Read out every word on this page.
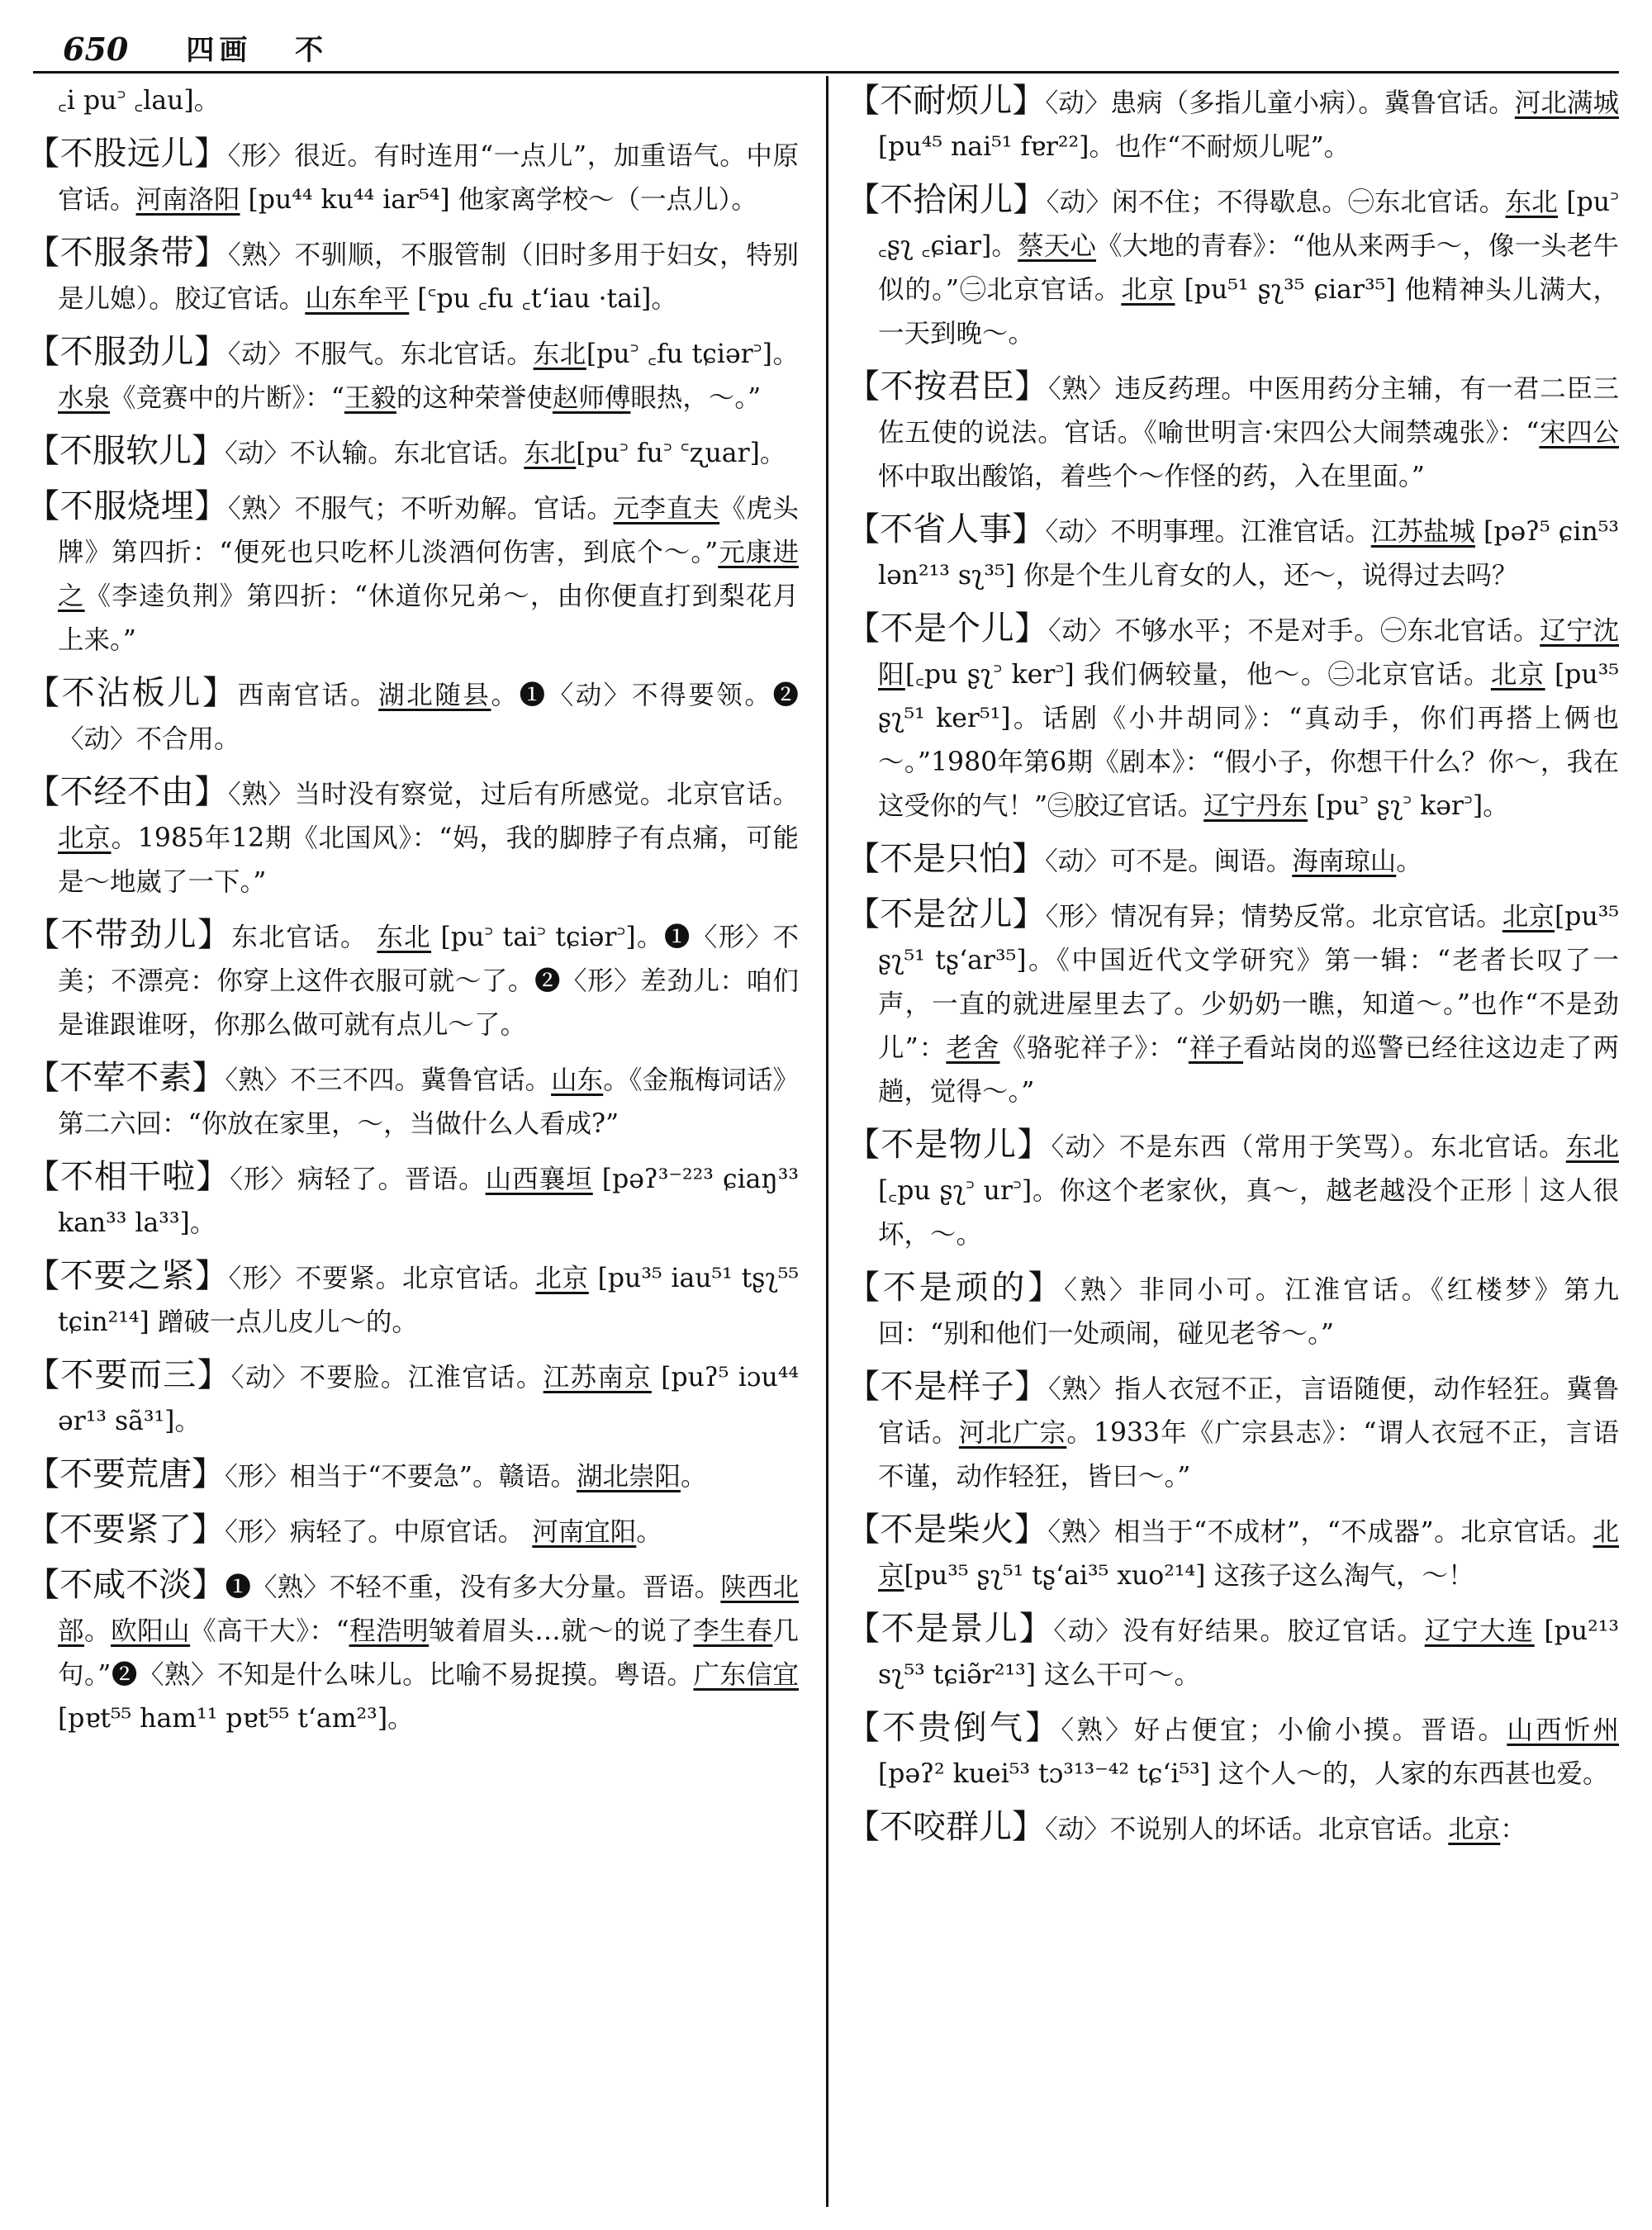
650 四画 不
꜀i pu꜄ ꜀lau]。
【不股远儿】〈形〉很近。有时连用“一点儿”，加重语气。中原官话。河南洛阳 [pu⁴⁴ ku⁴⁴ iar⁵⁴] 他家离学校～（一点儿）。
【不服条带】〈熟〉不驯顺，不服管制（旧时多用于妇女，特别是儿媳）。胶辽官话。山东牟平 [꜂pu ꜀fu ꜀tʻiau ·tai]。
【不服劲儿】〈动〉不服气。东北官话。东北[pu꜄ ꜀fu tɕiər꜄]。水泉《竞赛中的片断》：“王毅的这种荣誉使赵师傅眼热，～。”
【不服软儿】〈动〉不认输。东北官话。东北[pu꜄ fu꜄ ꜂ʐuar]。
【不服烧埋】〈熟〉不服气；不听劝解。官话。元李直夫《虎头牌》第四折：“便死也只吃杯儿淡酒何伤害，到底个～。”元康进之《李逵负荆》第四折：“休道你兄弟～，由你便直打到梨花月上来。”
【不沾板儿】西南官话。湖北随县。❶〈动〉不得要领。❷〈动〉不合用。
【不经不由】〈熟〉当时没有察觉，过后有所感觉。北京官话。北京。1985年12期《北国风》：“妈，我的脚脖子有点痛，可能是～地崴了一下。”
【不带劲儿】东北官话。 东北 [pu꜄ tai꜄ tɕiər꜄]。❶〈形〉不美；不漂亮：你穿上这件衣服可就～了。❷〈形〉差劲儿：咱们是谁跟谁呀，你那么做可就有点儿～了。
【不荤不素】〈熟〉不三不四。冀鲁官话。山东。《金瓶梅词话》第二六回：“你放在家里，～，当做什么人看成?”
【不相干啦】〈形〉病轻了。晋语。山西襄垣 [pəʔ³⁻²²³ ɕiaŋ³³ kan³³ la³³]。
【不要之紧】〈形〉不要紧。北京官话。北京 [pu³⁵ iau⁵¹ tʂʅ⁵⁵ tɕin²¹⁴] 蹭破一点儿皮儿～的。
【不要而三】〈动〉不要脸。江淮官话。江苏南京 [puʔ⁵ iɔu⁴⁴ ər¹³ sã³¹]。
【不要荒唐】〈形〉相当于“不要急”。赣语。湖北崇阳。
【不要紧了】〈形〉病轻了。中原官话。 河南宜阳。
【不咸不淡】❶〈熟〉不轻不重，没有多大分量。晋语。陕西北部。欧阳山《高干大》：“程浩明皱着眉头…就～的说了李生春几句。”❷〈熟〉不知是什么味儿。比喻不易捉摸。粤语。广东信宜[pɐt⁵⁵ ham¹¹ pɐt⁵⁵ tʻam²³]。
【不耐烦儿】〈动〉患病（多指儿童小病）。冀鲁官话。河北满城 [pu⁴⁵ nai⁵¹ fɐr²²]。也作“不耐烦儿呢”。
【不拾闲儿】〈动〉闲不住；不得歇息。㊀东北官话。东北 [pu꜄ ꜀ʂʅ ꜀ɕiar]。蔡天心《大地的青春》：“他从来两手～，像一头老牛似的。”㊁北京官话。北京 [pu⁵¹ ʂʅ³⁵ ɕiar³⁵] 他精神头儿满大，一天到晚～。
【不按君臣】〈熟〉违反药理。中医用药分主辅，有一君二臣三佐五使的说法。官话。《喻世明言·宋四公大闹禁魂张》：“宋四公怀中取出酸馅，着些个～作怪的药，入在里面。”
【不省人事】〈动〉不明事理。江淮官话。江苏盐城 [pəʔ⁵ ɕin⁵³ lən²¹³ sʅ³⁵] 你是个生儿育女的人，还～，说得过去吗？
【不是个儿】〈动〉不够水平；不是对手。㊀东北官话。辽宁沈阳[꜀pu ʂʅ꜄ ker꜄] 我们俩较量，他～。㊁北京官话。北京 [pu³⁵ ʂʅ⁵¹ ker⁵¹]。话剧《小井胡同》：“真动手，你们再搭上俩也～。”1980年第6期《剧本》：“假小子，你想干什么？你～，我在这受你的气！”㊂胶辽官话。辽宁丹东 [pu꜄ ʂʅ꜄ kər꜄]。
【不是只怕】〈动〉可不是。闽语。海南琼山。
【不是岔儿】〈形〉情况有异；情势反常。北京官话。北京[pu³⁵ ʂʅ⁵¹ tʂʻar³⁵]。《中国近代文学研究》第一辑：“老者长叹了一声，一直的就进屋里去了。少奶奶一瞧，知道～。”也作“不是劲儿”：老舍《骆驼祥子》：“祥子看站岗的巡警已经往这边走了两趟，觉得～。”
【不是物儿】〈动〉不是东西（常用于笑骂）。东北官话。东北 [꜀pu ʂʅ꜄ ur꜄]。你这个老家伙，真～，越老越没个正形｜这人很坏，～。
【不是顽的】〈熟〉非同小可。江淮官话。《红楼梦》第九回：“别和他们一处顽闹，碰见老爷～。”
【不是样子】〈熟〉指人衣冠不正，言语随便，动作轻狂。冀鲁官话。河北广宗。1933年《广宗县志》：“谓人衣冠不正，言语不谨，动作轻狂，皆曰～。”
【不是柴火】〈熟〉相当于“不成材”，“不成器”。北京官话。北京[pu³⁵ ʂʅ⁵¹ tʂʻai³⁵ xuo²¹⁴] 这孩子这么淘气，～！
【不是景儿】〈动〉没有好结果。胶辽官话。辽宁大连 [pu²¹³ sʅ⁵³ tɕiə̃r²¹³] 这么干可～。
【不贵倒气】〈熟〉好占便宜；小偷小摸。晋语。山西忻州 [pəʔ² kuei⁵³ tɔ³¹³⁻⁴² tɕʻi⁵³] 这个人～的，人家的东西甚也爱。
【不咬群儿】〈动〉不说别人的坏话。北京官话。北京：
